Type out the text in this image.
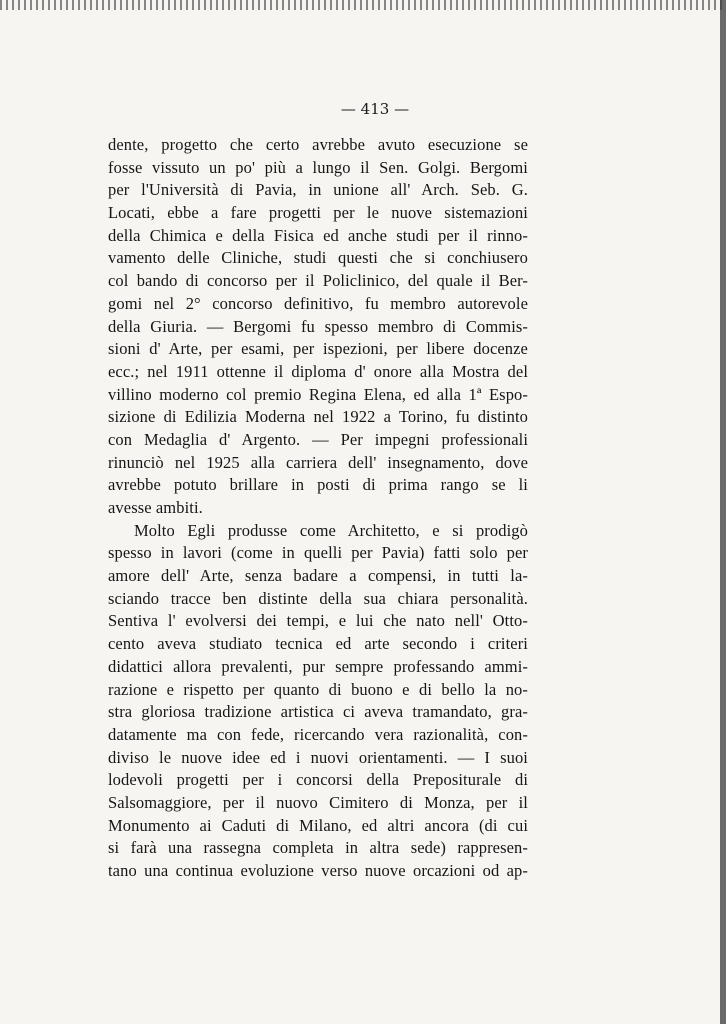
— 413 —
dente, progetto che certo avrebbe avuto esecuzione se
fosse vissuto un po' più a lungo il Sen. Golgi. Bergomi
per l'Università di Pavia, in unione all' Arch. Seb. G.
Locati, ebbe a fare progetti per le nuove sistemazioni
della Chimica e della Fisica ed anche studi per il rinno-
vamento delle Cliniche, studi questi che si conchiusero
col bando di concorso per il Policlinico, del quale il Ber-
gomi nel 2° concorso definitivo, fu membro autorevole
della Giuria. — Bergomi fu spesso membro di Commis-
sioni d' Arte, per esami, per ispezioni, per libere docenze
ecc.; nel 1911 ottenne il diploma d' onore alla Mostra del
villino moderno col premio Regina Elena, ed alla 1ª Espo-
sizione di Edilizia Moderna nel 1922 a Torino, fu distinto
con Medaglia d' Argento. — Per impegni professionali
rinunciò nel 1925 alla carriera dell' insegnamento, dove
avrebbe potuto brillare in posti di prima rango se li
avesse ambiti.
Molto Egli produsse come Architetto, e si prodigò
spesso in lavori (come in quelli per Pavia) fatti solo per
amore dell' Arte, senza badare a compensi, in tutti la-
sciando tracce ben distinte della sua chiara personalità.
Sentiva l' evolversi dei tempi, e lui che nato nell' Otto-
cento aveva studiato tecnica ed arte secondo i criteri
didattici allora prevalenti, pur sempre professando ammi-
razione e rispetto per quanto di buono e di bello la no-
stra gloriosa tradizione artistica ci aveva tramandato, gra-
datamente ma con fede, ricercando vera razionalità, con-
diviso le nuove idee ed i nuovi orientamenti. — I suoi
lodevoli progetti per i concorsi della Prepositurale di
Salsomaggiore, per il nuovo Cimitero di Monza, per il
Monumento ai Caduti di Milano, ed altri ancora (di cui
si farà una rassegna completa in altra sede) rappresen-
tano una continua evoluzione verso nuove orcazioni od ap-
